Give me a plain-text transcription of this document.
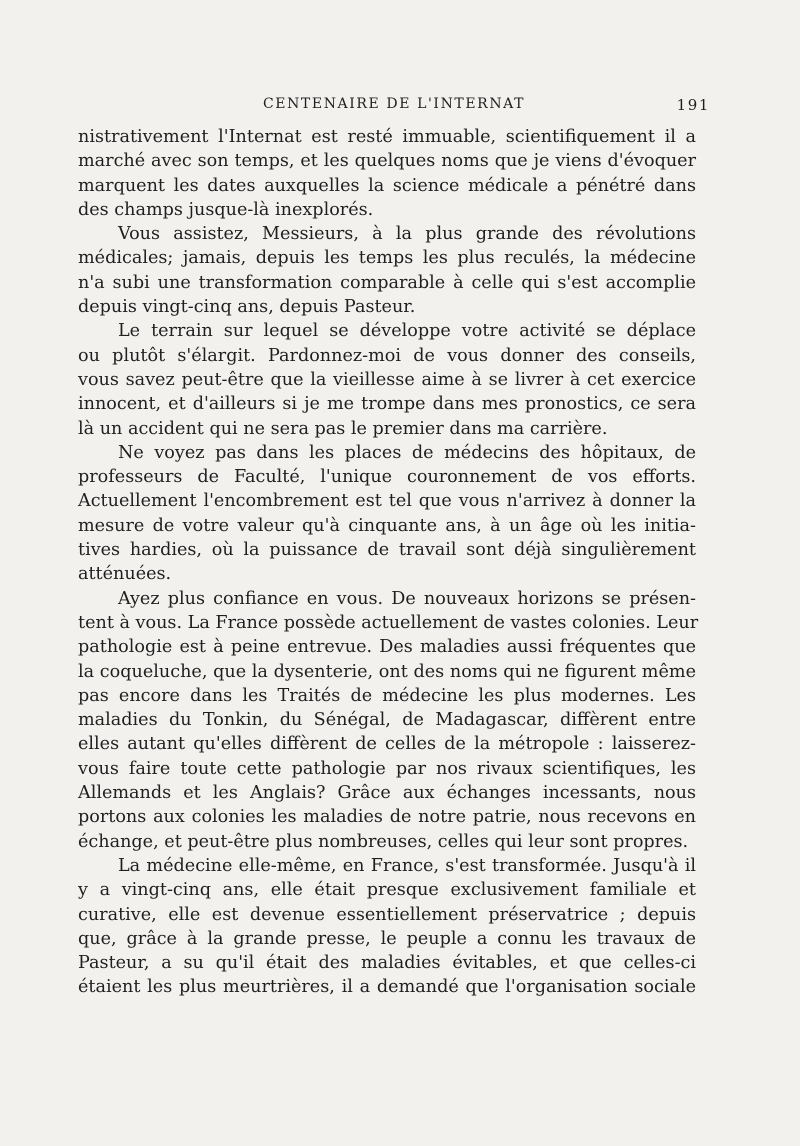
CENTENAIRE DE L'INTERNAT	191

nistrativement l'Internat est resté immuable, scientifiquement il a
marché avec son temps, et les quelques noms que je viens d'évoquer
marquent les dates auxquelles la science médicale a pénétré dans
des champs jusque-là inexplorés.

Vous assistez, Messieurs, à la plus grande des révolutions
médicales; jamais, depuis les temps les plus reculés, la médecine
n'a subi une transformation comparable à celle qui s'est accomplie
depuis vingt-cinq ans, depuis Pasteur.

Le terrain sur lequel se développe votre activité se déplace
ou plutôt s'élargit. Pardonnez-moi de vous donner des conseils,
vous savez peut-être que la vieillesse aime à se livrer à cet exercice
innocent, et d'ailleurs si je me trompe dans mes pronostics, ce sera
là un accident qui ne sera pas le premier dans ma carrière.

Ne voyez pas dans les places de médecins des hôpitaux, de
professeurs de Faculté, l'unique couronnement de vos efforts.
Actuellement l'encombrement est tel que vous n'arrivez à donner la
mesure de votre valeur qu'à cinquante ans, à un âge où les initia-
tives hardies, où la puissance de travail sont déjà singulièrement
atténuées.

Ayez plus confiance en vous. De nouveaux horizons se présen-
tent à vous. La France possède actuellement de vastes colonies. Leur
pathologie est à peine entrevue. Des maladies aussi fréquentes que
la coqueluche, que la dysenterie, ont des noms qui ne figurent même
pas encore dans les Traités de médecine les plus modernes. Les
maladies du Tonkin, du Sénégal, de Madagascar, diffèrent entre
elles autant qu'elles diffèrent de celles de la métropole : laisserez-
vous faire toute cette pathologie par nos rivaux scientifiques, les
Allemands et les Anglais? Grâce aux échanges incessants, nous
portons aux colonies les maladies de notre patrie, nous recevons en
échange, et peut-être plus nombreuses, celles qui leur sont propres.

La médecine elle-même, en France, s'est transformée. Jusqu'à il
y a vingt-cinq ans, elle était presque exclusivement familiale et
curative, elle est devenue essentiellement préservatrice ; depuis
que, grâce à la grande presse, le peuple a connu les travaux de
Pasteur, a su qu'il était des maladies évitables, et que celles-ci
étaient les plus meurtrières, il a demandé que l'organisation sociale
